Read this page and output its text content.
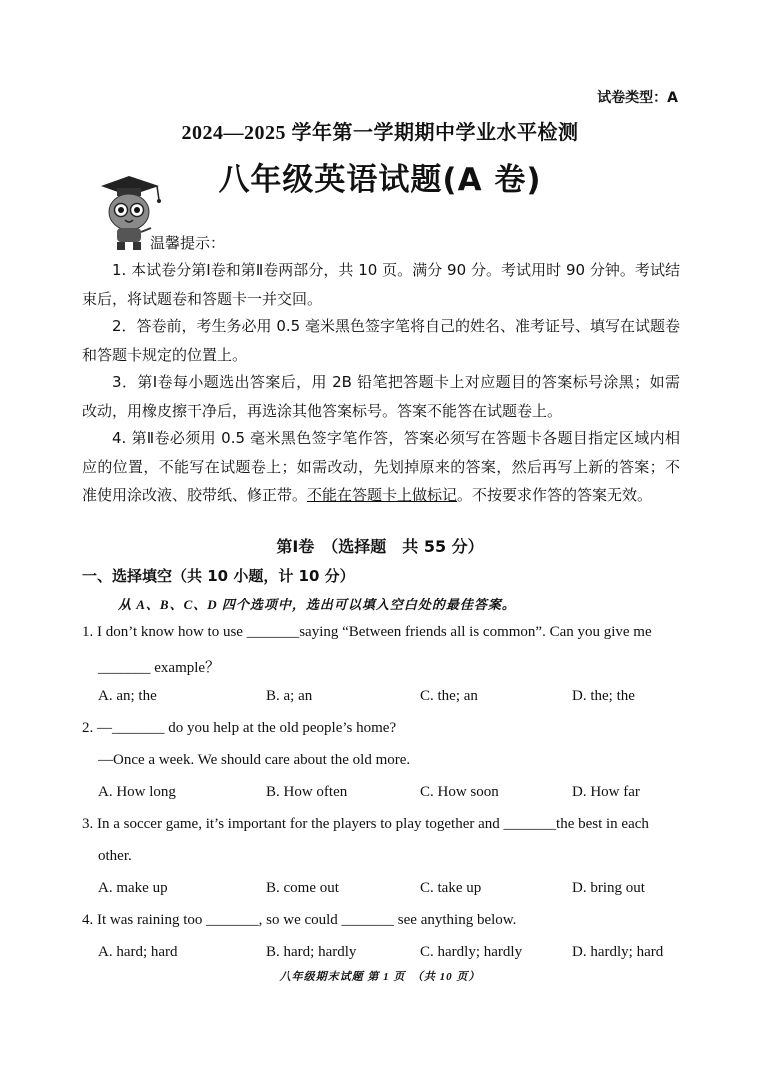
试卷类型：A
2024—2025 学年第一学期期中学业水平检测
八年级英语试题(A 卷)
温馨提示：
1. 本试卷分第Ⅰ卷和第Ⅱ卷两部分，共 10 页。满分 90 分。考试用时 90 分钟。考试结束后，将试题卷和答题卡一并交回。
2．答卷前，考生务必用 0.5 毫米黑色签字笔将自己的姓名、准考证号、填写在试题卷和答题卡规定的位置上。
3．第Ⅰ卷每小题选出答案后，用 2B 铅笔把答题卡上对应题目的答案标号涂黑；如需改动，用橡皮擦干净后，再选涂其他答案标号。答案不能答在试题卷上。
4. 第Ⅱ卷必须用 0.5 毫米黑色签字笔作答，答案必须写在答题卡各题目指定区域内相应的位置，不能写在试题卷上；如需改动，先划掉原来的答案，然后再写上新的答案；不准使用涂改液、胶带纸、修正带。不能在答题卡上做标记。不按要求作答的答案无效。
第Ⅰ卷　（选择题　共 55 分）
一、选择填空（共 10 小题，计 10 分）
从 A、B、C、D 四个选项中，选出可以填入空白处的最佳答案。
1. I don’t know how to use _______saying “Between friends all is common”. Can you give me
_______ example？
A. an; the	B. a; an	C. the; an	D. the; the
2. —_______ do you help at the old people’s home?
—Once a week. We should care about the old more.
A. How long	B. How often	C. How soon	D. How far
3. In a soccer game, it’s important for the players to play together and _______the best in each
other.
A. make up	B. come out	C. take up	D. bring out
4. It was raining too _______, so we could _______ see anything below.
A. hard; hard	B. hard; hardly	C. hardly; hardly	D. hardly; hard
八年级期末试题 第 1 页　（共 10 页）
